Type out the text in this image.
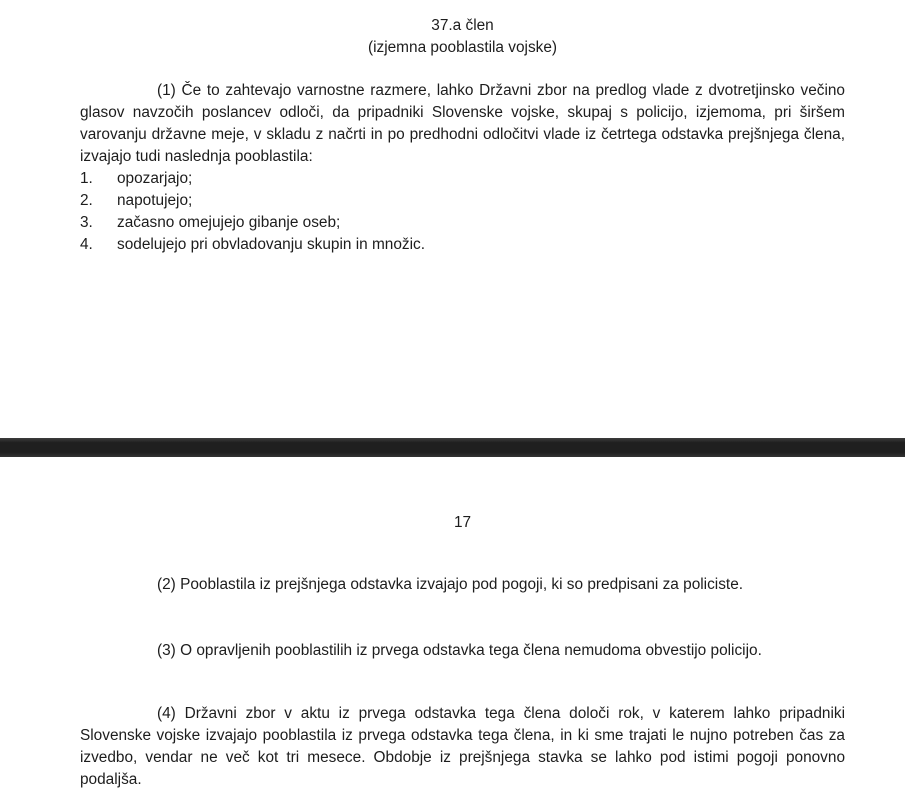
37.a člen
(izjemna pooblastila vojske)

(1) Če to zahtevajo varnostne razmere, lahko Državni zbor na predlog vlade z dvotretjinsko večino glasov navzočih poslancev odloči, da pripadniki Slovenske vojske, skupaj s policijo, izjemoma, pri širšem varovanju državne meje, v skladu z načrti in po predhodni odločitvi vlade iz četrtega odstavka prejšnjega člena, izvajajo tudi naslednja pooblastila:

1.	opozarjajo;
2.	napotujejo;
3.	začasno omejujejo gibanje oseb;
4.	sodelujejo pri obvladovanju skupin in množic.
17

(2) Pooblastila iz prejšnjega odstavka izvajajo pod pogoji, ki so predpisani za policiste.

(3) O opravljenih pooblastilih iz prvega odstavka tega člena nemudoma obvestijo policijo.

(4) Državni zbor v aktu iz prvega odstavka tega člena določi rok, v katerem lahko pripadniki Slovenske vojske izvajajo pooblastila iz prvega odstavka tega člena, in ki sme trajati le nujno potreben čas za izvedbo, vendar ne več kot tri mesece. Obdobje iz prejšnjega stavka se lahko pod istimi pogoji ponovno podaljša.
